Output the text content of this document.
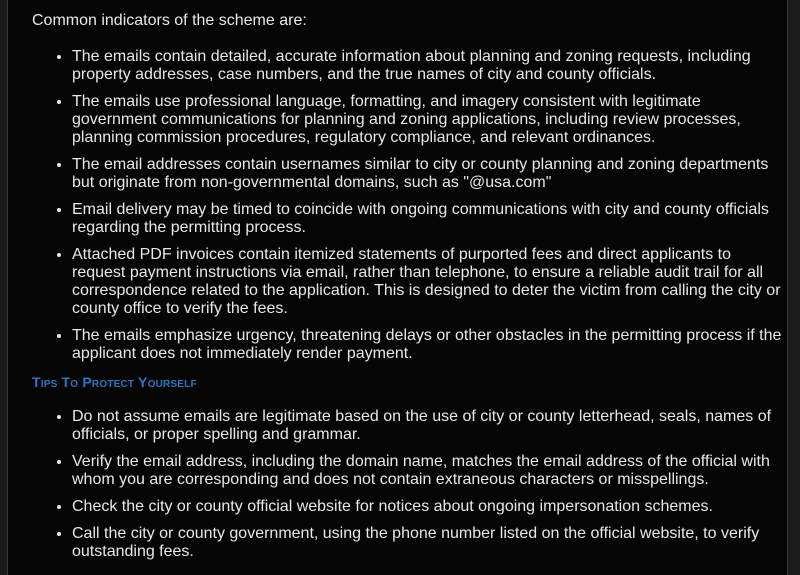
Common indicators of the scheme are:

• The emails contain detailed, accurate information about planning and zoning requests, including property addresses, case numbers, and the true names of city and county officials.
• The emails use professional language, formatting, and imagery consistent with legitimate government communications for planning and zoning applications, including review processes, planning commission procedures, regulatory compliance, and relevant ordinances.
• The email addresses contain usernames similar to city or county planning and zoning departments but originate from non-governmental domains, such as "@usa.com"
• Email delivery may be timed to coincide with ongoing communications with city and county officials regarding the permitting process.
• Attached PDF invoices contain itemized statements of purported fees and direct applicants to request payment instructions via email, rather than telephone, to ensure a reliable audit trail for all correspondence related to the application. This is designed to deter the victim from calling the city or county office to verify the fees.
• The emails emphasize urgency, threatening delays or other obstacles in the permitting process if the applicant does not immediately render payment.
Tips To Protect Yourself
• Do not assume emails are legitimate based on the use of city or county letterhead, seals, names of officials, or proper spelling and grammar.
• Verify the email address, including the domain name, matches the email address of the official with whom you are corresponding and does not contain extraneous characters or misspellings.
• Check the city or county official website for notices about ongoing impersonation schemes.
• Call the city or county government, using the phone number listed on the official website, to verify outstanding fees.
